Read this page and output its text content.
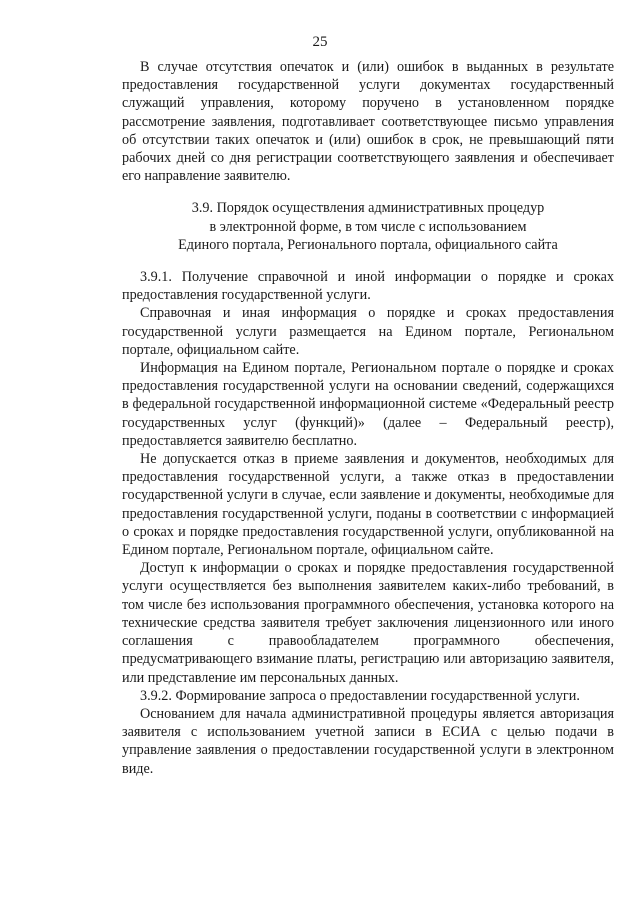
25

В случае отсутствия опечаток и (или) ошибок в выданных в результате предоставления государственной услуги документах государственный служащий управления, которому поручено в установленном порядке рассмотрение заявления, подготавливает соответствующее письмо управления об отсутствии таких опечаток и (или) ошибок в срок, не превышающий пяти рабочих дней со дня регистрации соответствующего заявления и обеспечивает его направление заявителю.

3.9. Порядок осуществления административных процедур

в электронной форме, в том числе с использованием

Единого портала, Регионального портала, официального сайта

3.9.1. Получение справочной и иной информации о порядке и сроках предоставления государственной услуги.

Справочная и иная информация о порядке и сроках предоставления государственной услуги размещается на Едином портале, Региональном портале, официальном сайте.

Информация на Едином портале, Региональном портале о порядке и сроках предоставления государственной услуги на основании сведений, содержащихся в федеральной государственной информационной системе «Федеральный реестр государственных услуг (функций)» (далее – Федеральный реестр), предоставляется заявителю бесплатно.

Не допускается отказ в приеме заявления и документов, необходимых для предоставления государственной услуги, а также отказ в предоставлении государственной услуги в случае, если заявление и документы, необходимые для предоставления государственной услуги, поданы в соответствии с информацией о сроках и порядке предоставления государственной услуги, опубликованной на Едином портале, Региональном портале, официальном сайте.

Доступ к информации о сроках и порядке предоставления государственной услуги осуществляется без выполнения заявителем каких-либо требований, в том числе без использования программного обеспечения, установка которого на технические средства заявителя требует заключения лицензионного или иного соглашения с правообладателем программного обеспечения, предусматривающего взимание платы, регистрацию или авторизацию заявителя, или представление им персональных данных.

3.9.2. Формирование запроса о предоставлении государственной услуги.

Основанием для начала административной процедуры является авторизация заявителя с использованием учетной записи в ЕСИА с целью подачи в управление заявления о предоставлении государственной услуги в электронном виде.
